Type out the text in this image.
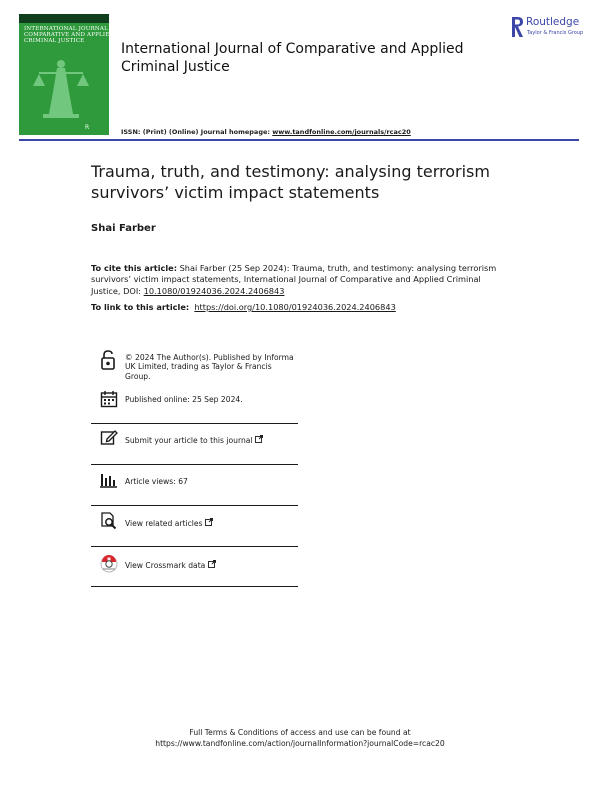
INTERNATIONAL JOURNAL OF
COMPARATIVE AND APPLIED
CRIMINAL JUSTICE
R
International Journal of Comparative and Applied Criminal Justice
Routledge
Taylor & Francis Group
ISSN: (Print) (Online) Journal homepage: www.tandfonline.com/journals/rcac20
Trauma, truth, and testimony: analysing terrorism survivors’ victim impact statements
Shai Farber
To cite this article: Shai Farber (25 Sep 2024): Trauma, truth, and testimony: analysing terrorism survivors’ victim impact statements, International Journal of Comparative and Applied Criminal Justice, DOI: 10.1080/01924036.2024.2406843
To link to this article: https://doi.org/10.1080/01924036.2024.2406843
© 2024 The Author(s). Published by Informa UK Limited, trading as Taylor & Francis Group.
Published online: 25 Sep 2024.
Submit your article to this journal
Article views: 67
View related articles
View Crossmark data
Full Terms & Conditions of access and use can be found at
https://www.tandfonline.com/action/journalInformation?journalCode=rcac20
